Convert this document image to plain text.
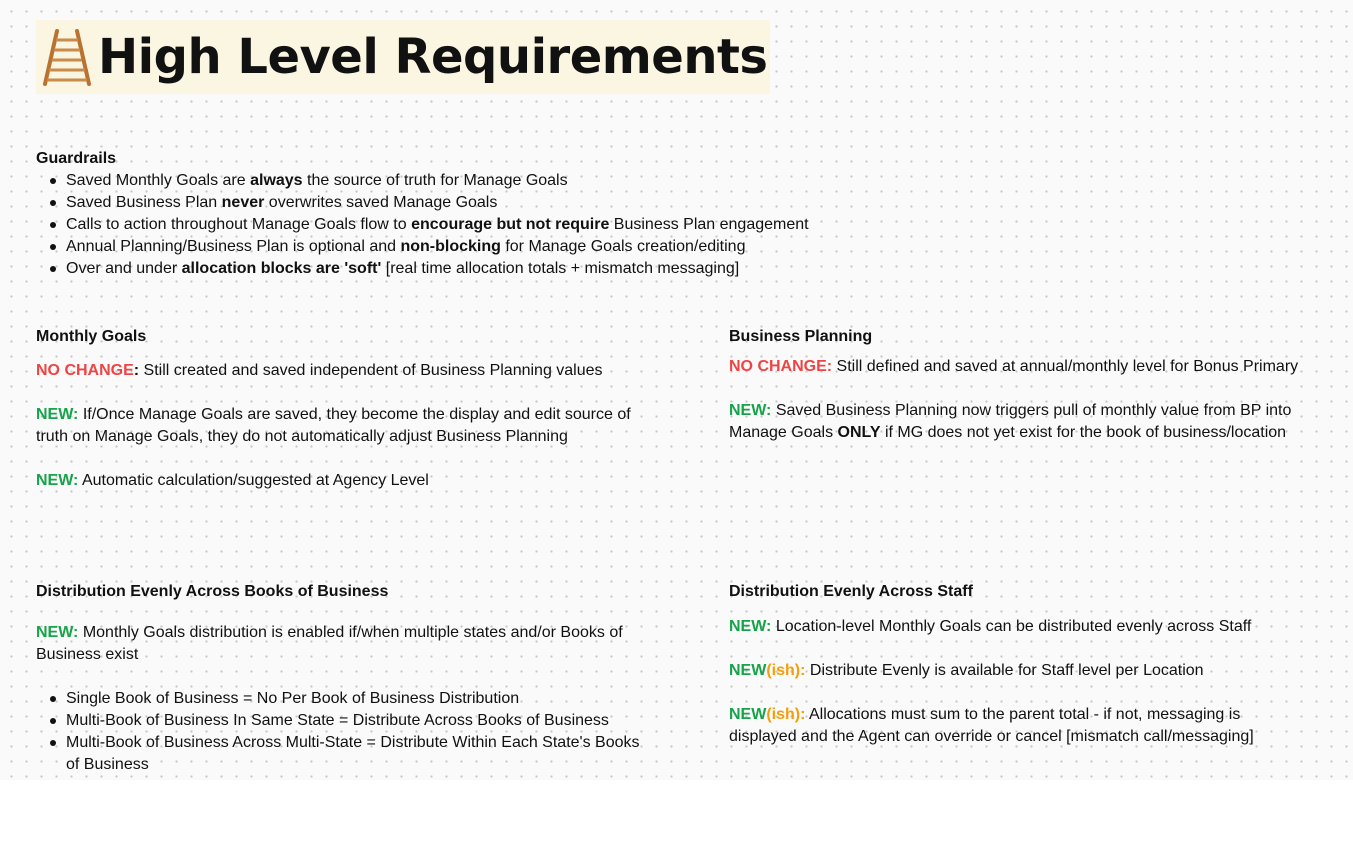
High Level Requirements
Guardrails
Saved Monthly Goals are always the source of truth for Manage Goals
Saved Business Plan never overwrites saved Manage Goals
Calls to action throughout Manage Goals flow to encourage but not require Business Plan engagement
Annual Planning/Business Plan is optional and non-blocking for Manage Goals creation/editing
Over and under allocation blocks are 'soft' [real time allocation totals + mismatch messaging]
Monthly Goals

NO CHANGE: Still created and saved independent of Business Planning values

NEW: If/Once Manage Goals are saved, they become the display and edit source of truth on Manage Goals, they do not automatically adjust Business Planning

NEW: Automatic calculation/suggested at Agency Level

Business Planning

NO CHANGE: Still defined and saved at annual/monthly level for Bonus Primary

NEW: Saved Business Planning now triggers pull of monthly value from BP into Manage Goals ONLY if MG does not yet exist for the book of business/location

Distribution Evenly Across Books of Business

NEW: Monthly Goals distribution is enabled if/when multiple states and/or Books of Business exist

Single Book of Business = No Per Book of Business Distribution
Multi-Book of Business In Same State = Distribute Across Books of Business
Multi-Book of Business Across Multi-State = Distribute Within Each State's Books of Business
Distribution Evenly Across Staff

NEW: Location-level Monthly Goals can be distributed evenly across Staff

NEW(ish): Distribute Evenly is available for Staff level per Location

NEW(ish): Allocations must sum to the parent total - if not, messaging is displayed and the Agent can override or cancel [mismatch call/messaging]
